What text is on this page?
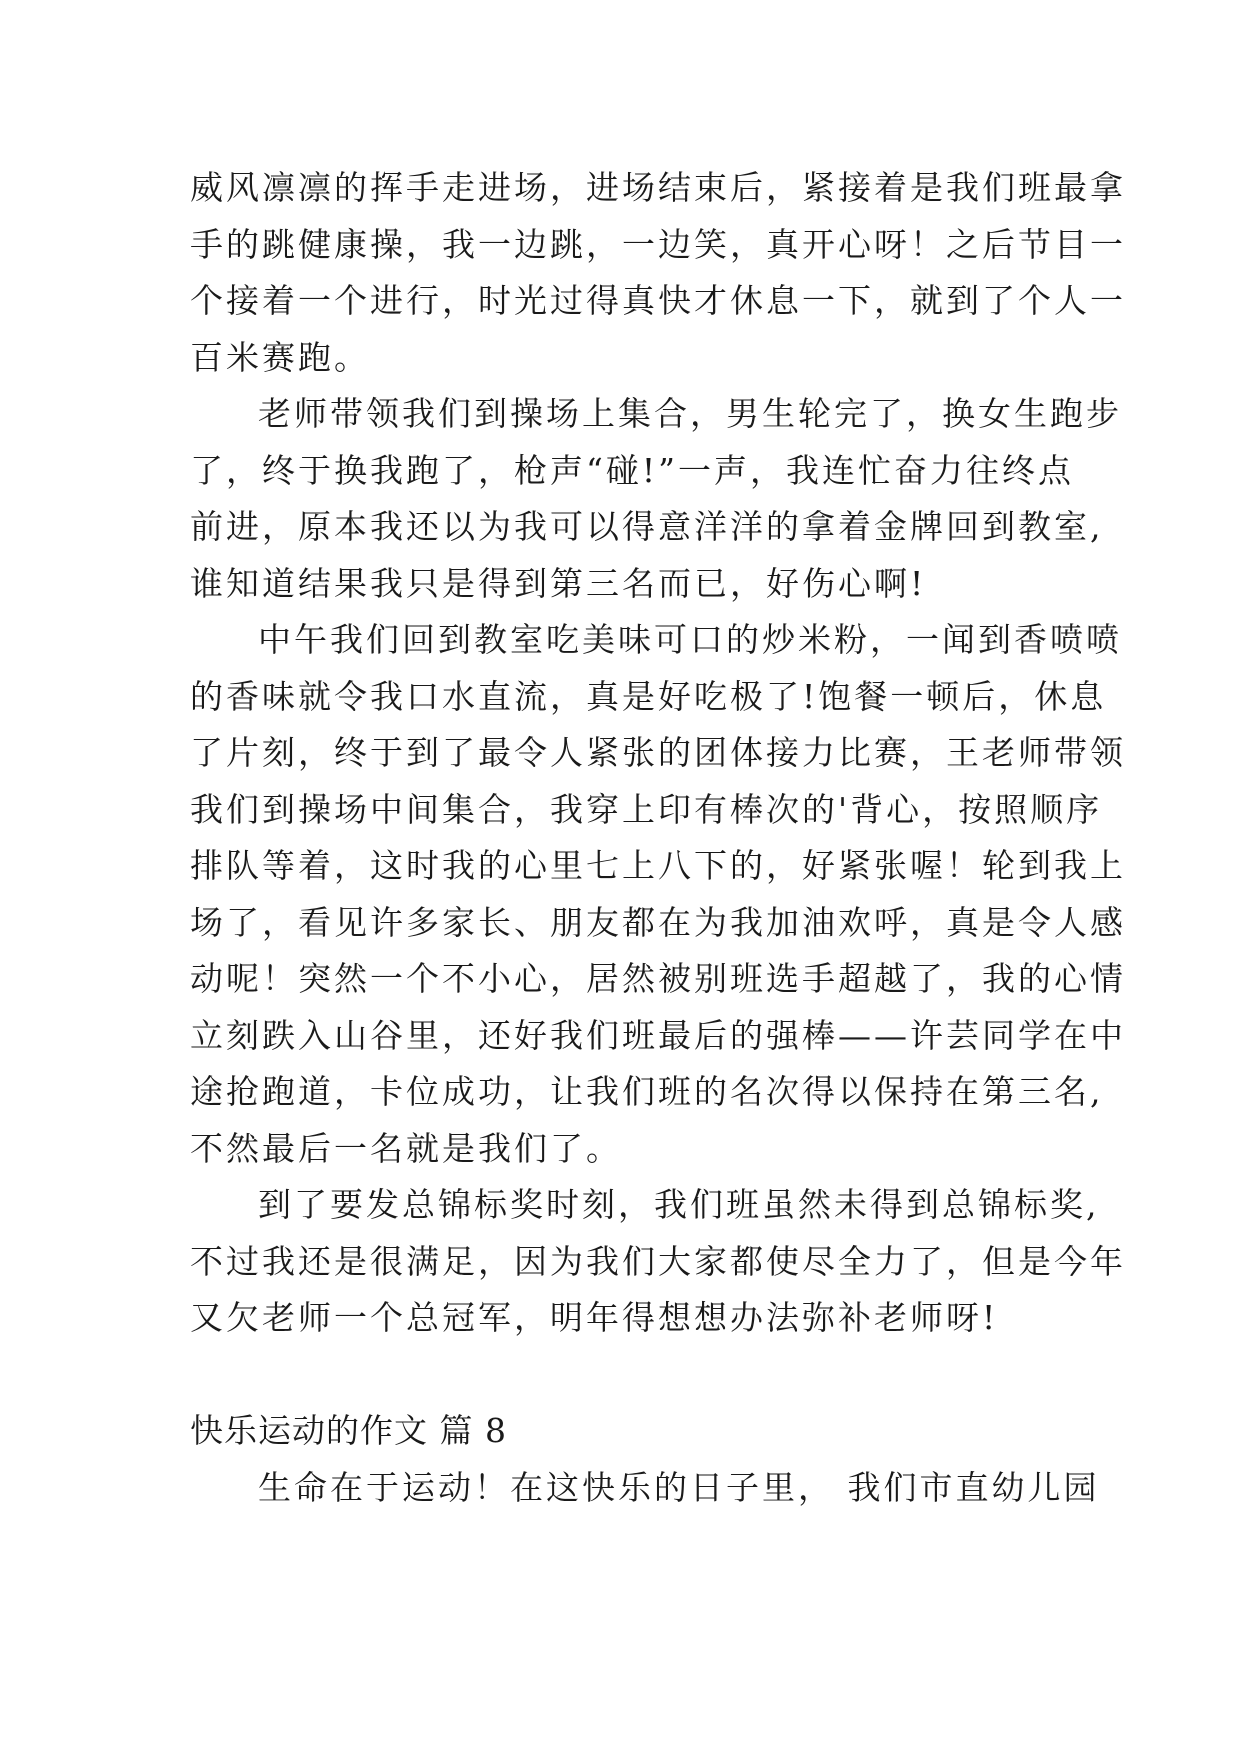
威风凛凛的挥手走进场，进场结束后，紧接着是我们班最拿
手的跳健康操，我一边跳，一边笑，真开心呀！之后节目一
个接着一个进行，时光过得真快才休息一下，就到了个人一
百米赛跑。
老师带领我们到操场上集合，男生轮完了，换女生跑步
了，终于换我跑了，枪声“碰!”一声，我连忙奋力往终点
前进，原本我还以为我可以得意洋洋的拿着金牌回到教室,
谁知道结果我只是得到第三名而已，好伤心啊!
中午我们回到教室吃美味可口的炒米粉，一闻到香喷喷
的香味就令我口水直流，真是好吃极了!饱餐一顿后，休息
了片刻，终于到了最令人紧张的团体接力比赛，王老师带领
我们到操场中间集合，我穿上印有棒次的'背心，按照顺序
排队等着，这时我的心里七上八下的，好紧张喔！轮到我上
场了，看见许多家长、朋友都在为我加油欢呼，真是令人感
动呢！突然一个不小心，居然被别班选手超越了，我的心情
立刻跌入山谷里，还好我们班最后的强棒——许芸同学在中
途抢跑道，卡位成功，让我们班的名次得以保持在第三名,
不然最后一名就是我们了。
到了要发总锦标奖时刻，我们班虽然未得到总锦标奖,
不过我还是很满足，因为我们大家都使尽全力了，但是今年
又欠老师一个总冠军，明年得想想办法弥补老师呀!
快乐运动的作文 篇 8
生命在于运动！在这快乐的日子里， 我们市直幼儿园
